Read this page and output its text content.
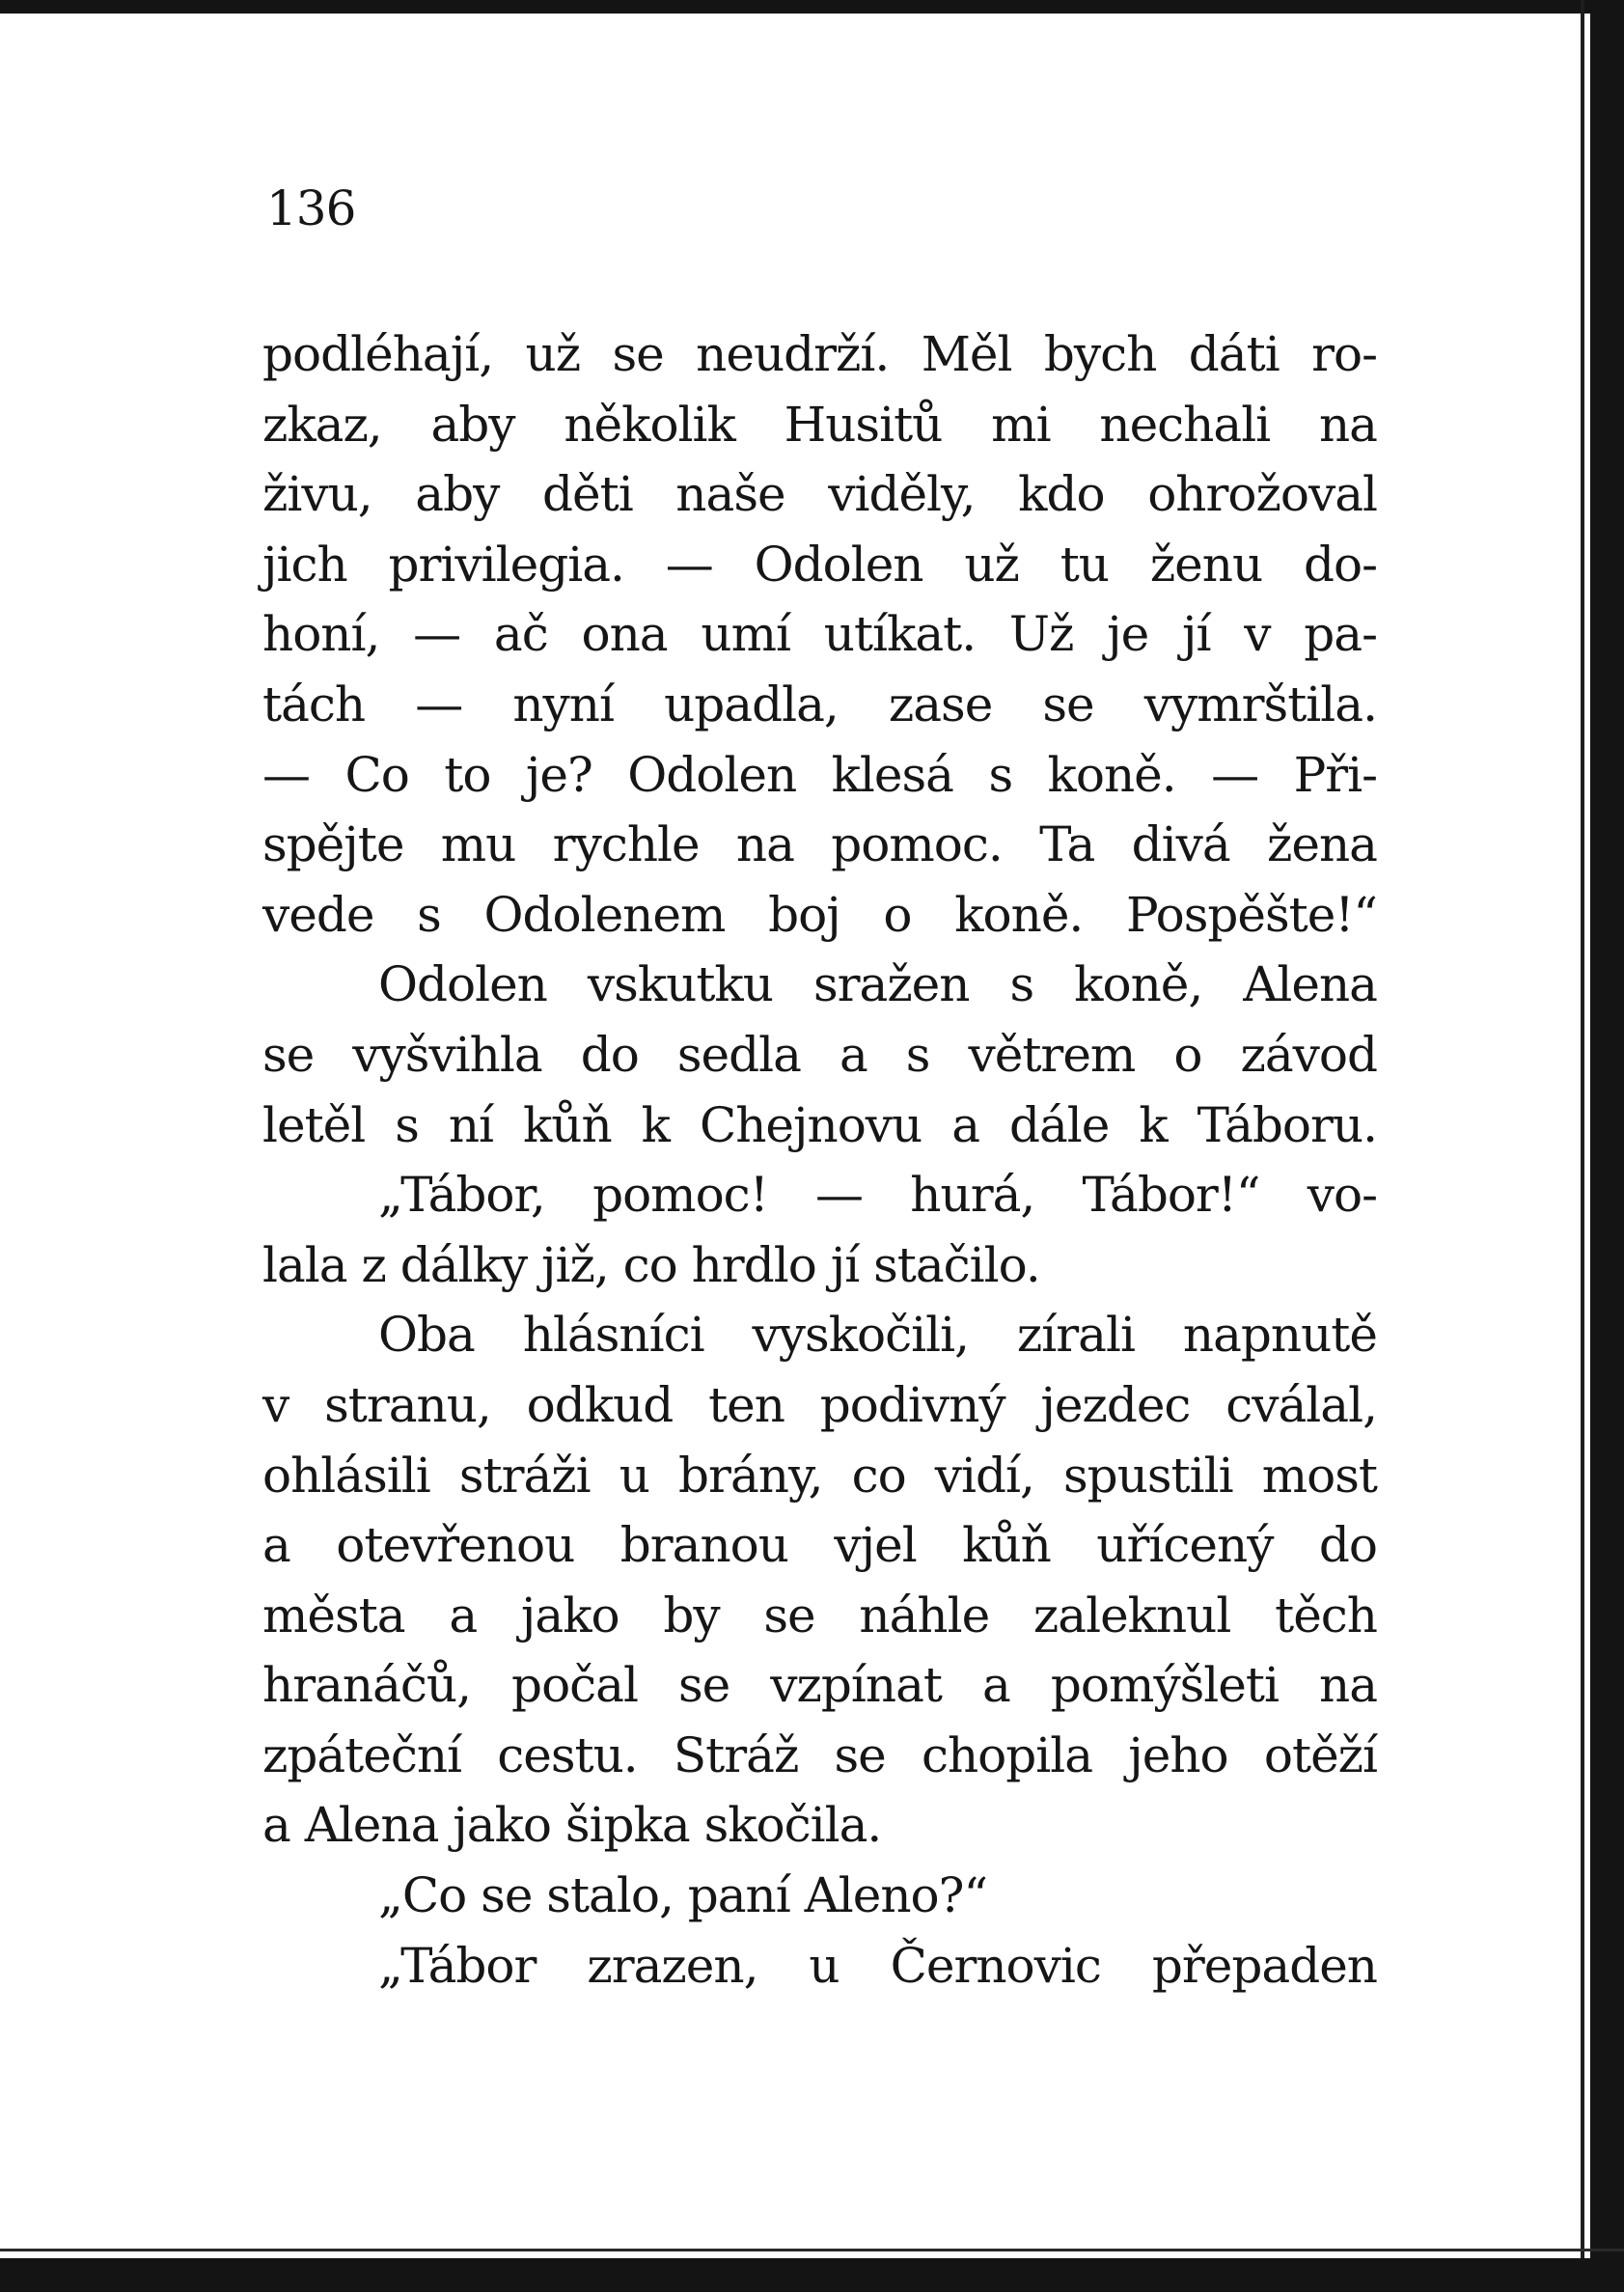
136
podléhají, už se neudrží. Měl bych dáti ro-
zkaz, aby několik Husitů mi nechali na
živu, aby děti naše viděly, kdo ohrožoval
jich privilegia. — Odolen už tu ženu do-
honí, — ač ona umí utíkat. Už je jí v pa-
tách — nyní upadla, zase se vymrštila.
— Co to je? Odolen klesá s koně. — Při-
spějte mu rychle na pomoc. Ta divá žena
vede s Odolenem boj o koně. Pospěšte!“
Odolen vskutku sražen s koně, Alena
se vyšvihla do sedla a s větrem o závod
letěl s ní kůň k Chejnovu a dále k Táboru.
„Tábor, pomoc! — hurá, Tábor!“ vo-
lala z dálky již, co hrdlo jí stačilo.
Oba hlásníci vyskočili, zírali napnutě
v stranu, odkud ten podivný jezdec cválal,
ohlásili stráži u brány, co vidí, spustili most
a otevřenou branou vjel kůň uřícený do
města a jako by se náhle zaleknul těch
hranáčů, počal se vzpínat a pomýšleti na
zpáteční cestu. Stráž se chopila jeho otěží
a Alena jako šipka skočila.
„Co se stalo, paní Aleno?“
„Tábor zrazen, u Černovic přepaden
